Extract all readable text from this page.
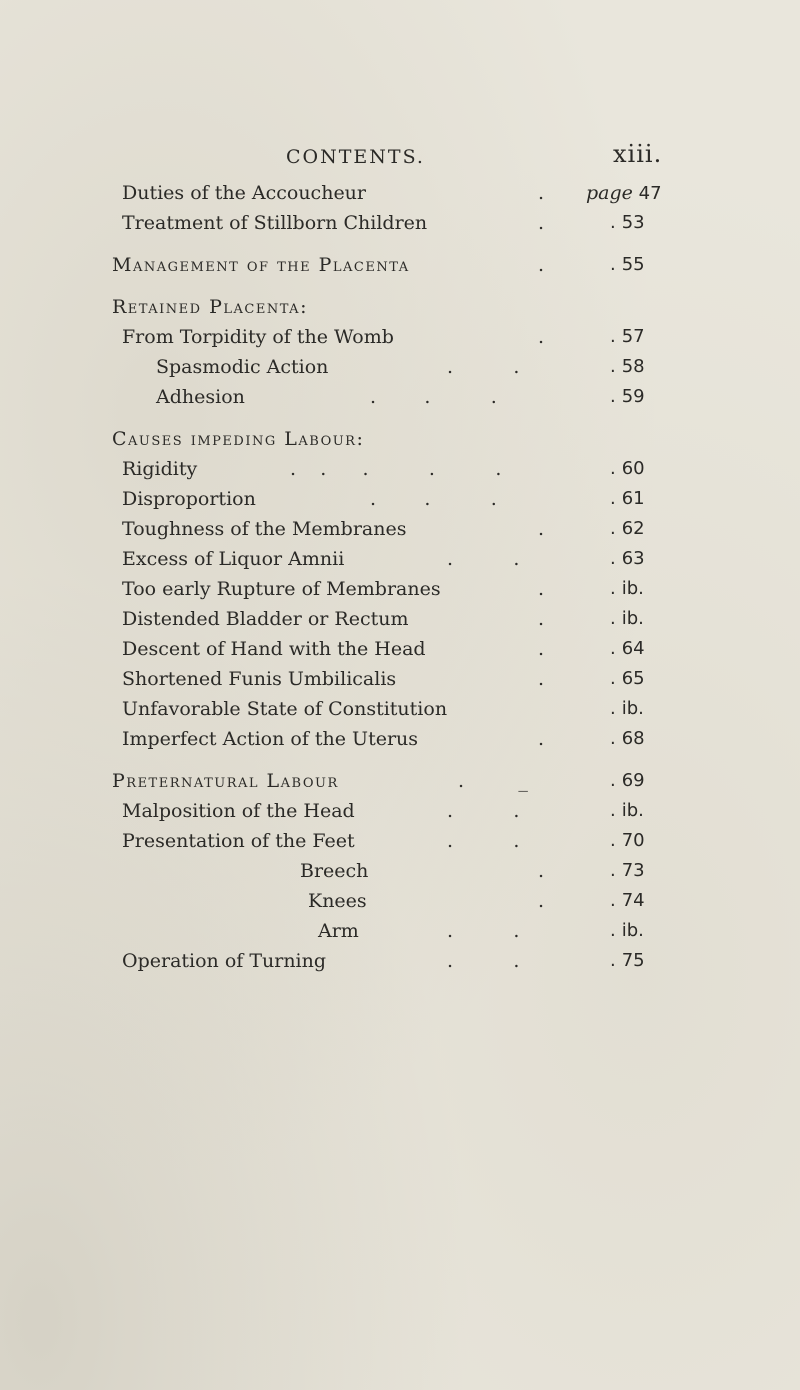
CONTENTS.	xiii.
Duties of the Accoucheur	. page 47
Treatment of Stillborn Children	.	. 53
Management of the Placenta	.	. 55
Retained Placenta:
From Torpidity of the Womb	.	. 57
Spasmodic Action	.          .	. 58
Adhesion	.        .          .	. 59
Causes impeding Labour:
Rigidity	.    .      .          .          .	. 60
Disproportion	.        .          .	. 61
Toughness of the Membranes	.	. 62
Excess of Liquor Amnii	.          .	. 63
Too early Rupture of Membranes	.	. ib.
Distended Bladder or Rectum	.	. ib.
Descent of Hand with the Head	.	. 64
Shortened Funis Umbilicalis	.	. 65
Unfavorable State of Constitution	. ib.
Imperfect Action of the Uterus	.	. 68
Preternatural Labour	.         _	. 69
Malposition of the Head	.          .	. ib.
Presentation of the Feet	.          .	. 70
Breech	.	. 73
Knees	.	. 74
Arm	.          .	. ib.
Operation of Turning	.          .	. 75
